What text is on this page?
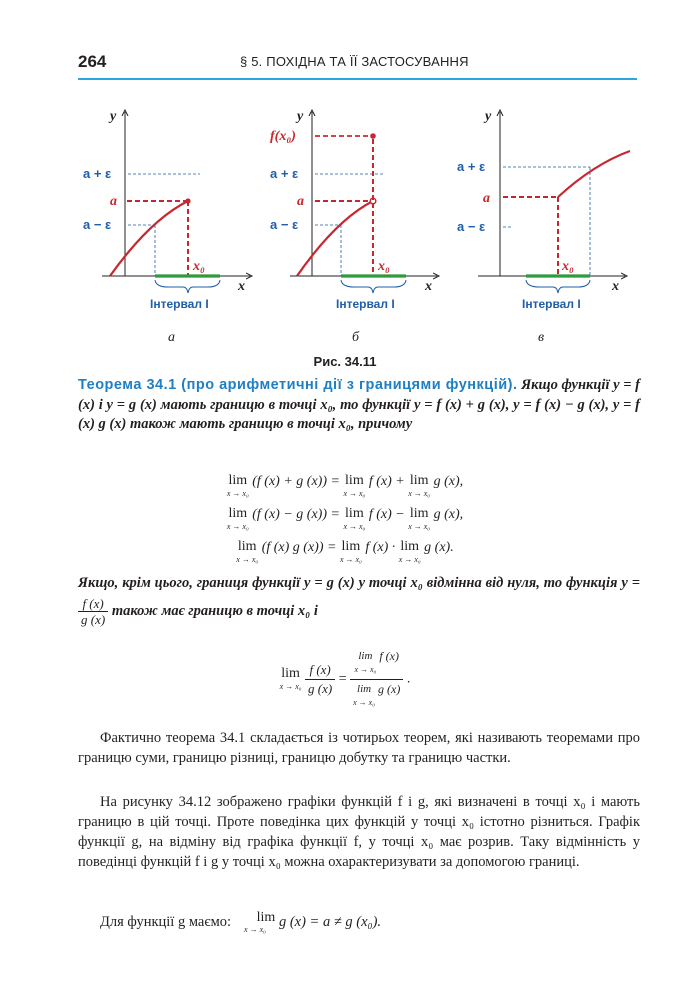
264	§ 5. ПОХІДНА ТА ЇЇ ЗАСТОСУВАННЯ
y
x
a + ε
a
a − ε
x₀
Інтервал I
а
y
x
f(x₀)
a + ε
a
a − ε
x₀
Інтервал I
б
y
x
a + ε
a
a − ε
x₀
Інтервал I
в
Рис. 34.11
Теорема 34.1 (про арифметичні дії з границями функцій). Якщо функції y = f (x) і y = g (x) мають границю в точці x₀, то функції y = f (x) + g (x), y = f (x) − g (x), y = f (x) g (x) також мають границю в точці x₀, причому
lim
x → x₀
(f (x) + g (x)) = lim
x → x₀
f (x) + lim
x → x₀
g (x),
lim
x → x₀
(f (x) − g (x)) = lim
x → x₀
f (x) − lim
x → x₀
g (x),
lim
x → x₀
(f (x) g (x)) = lim
x → x₀
f (x) · lim
x → x₀
g (x).
Якщо, крім цього, границя функції y = g (x) у точці x₀ відмінна від нуля, то функція y =
$\frac{f (x)}{g (x)}$ також має границю в точці x₀ і
lim
x → x₀
$\frac{f (x)}{g (x)} = \lim$
x → x₀
f (x)
lim
x → x₀
g (x) .
Фактично теорема 34.1 складається із чотирьох теорем, які називають теоремами про границю суми, границю різниці, границю добутку та границю частки.
На рисунку 34.12 зображено графіки функцій f і g, які визначені в точці x₀ і мають границю в цій точці. Проте поведінка цих функцій у точці x₀ істотно різниться. Графік функції g, на відміну від графіка функції f, у точці x₀ має розрив. Таку відмінність у поведінці функцій f і g у точці x₀ можна охарактеризувати за допомогою границі.
Для функції g маємо:	lim
x → x₀ g (x) = a ≠ g (x₀).
